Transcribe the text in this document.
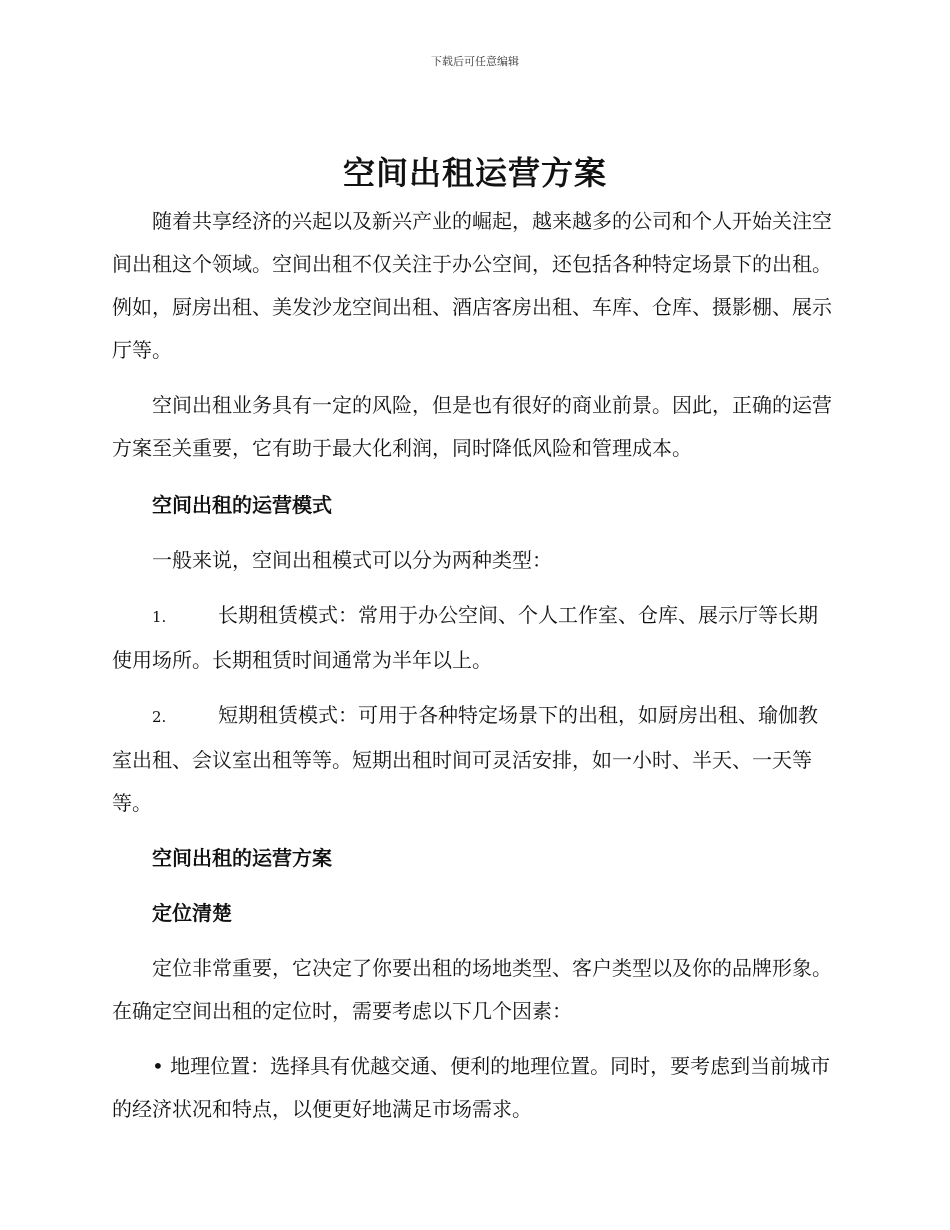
下载后可任意编辑
空间出租运营方案

随着共享经济的兴起以及新兴产业的崛起，越来越多的公司和个人开始关注空间出租这个领域。空间出租不仅关注于办公空间，还包括各种特定场景下的出租。例如，厨房出租、美发沙龙空间出租、酒店客房出租、车库、仓库、摄影棚、展示厅等。

空间出租业务具有一定的风险，但是也有很好的商业前景。因此，正确的运营方案至关重要，它有助于最大化利润，同时降低风险和管理成本。

空间出租的运营模式

一般来说，空间出租模式可以分为两种类型：

1.	长期租赁模式：常用于办公空间、个人工作室、仓库、展示厅等长期使用场所。长期租赁时间通常为半年以上。

2.	短期租赁模式：可用于各种特定场景下的出租，如厨房出租、瑜伽教室出租、会议室出租等等。短期出租时间可灵活安排，如一小时、半天、一天等等。

空间出租的运营方案

定位清楚

定位非常重要，它决定了你要出租的场地类型、客户类型以及你的品牌形象。在确定空间出租的定位时，需要考虑以下几个因素：

• 地理位置：选择具有优越交通、便利的地理位置。同时，要考虑到当前城市的经济状况和特点，以便更好地满足市场需求。
